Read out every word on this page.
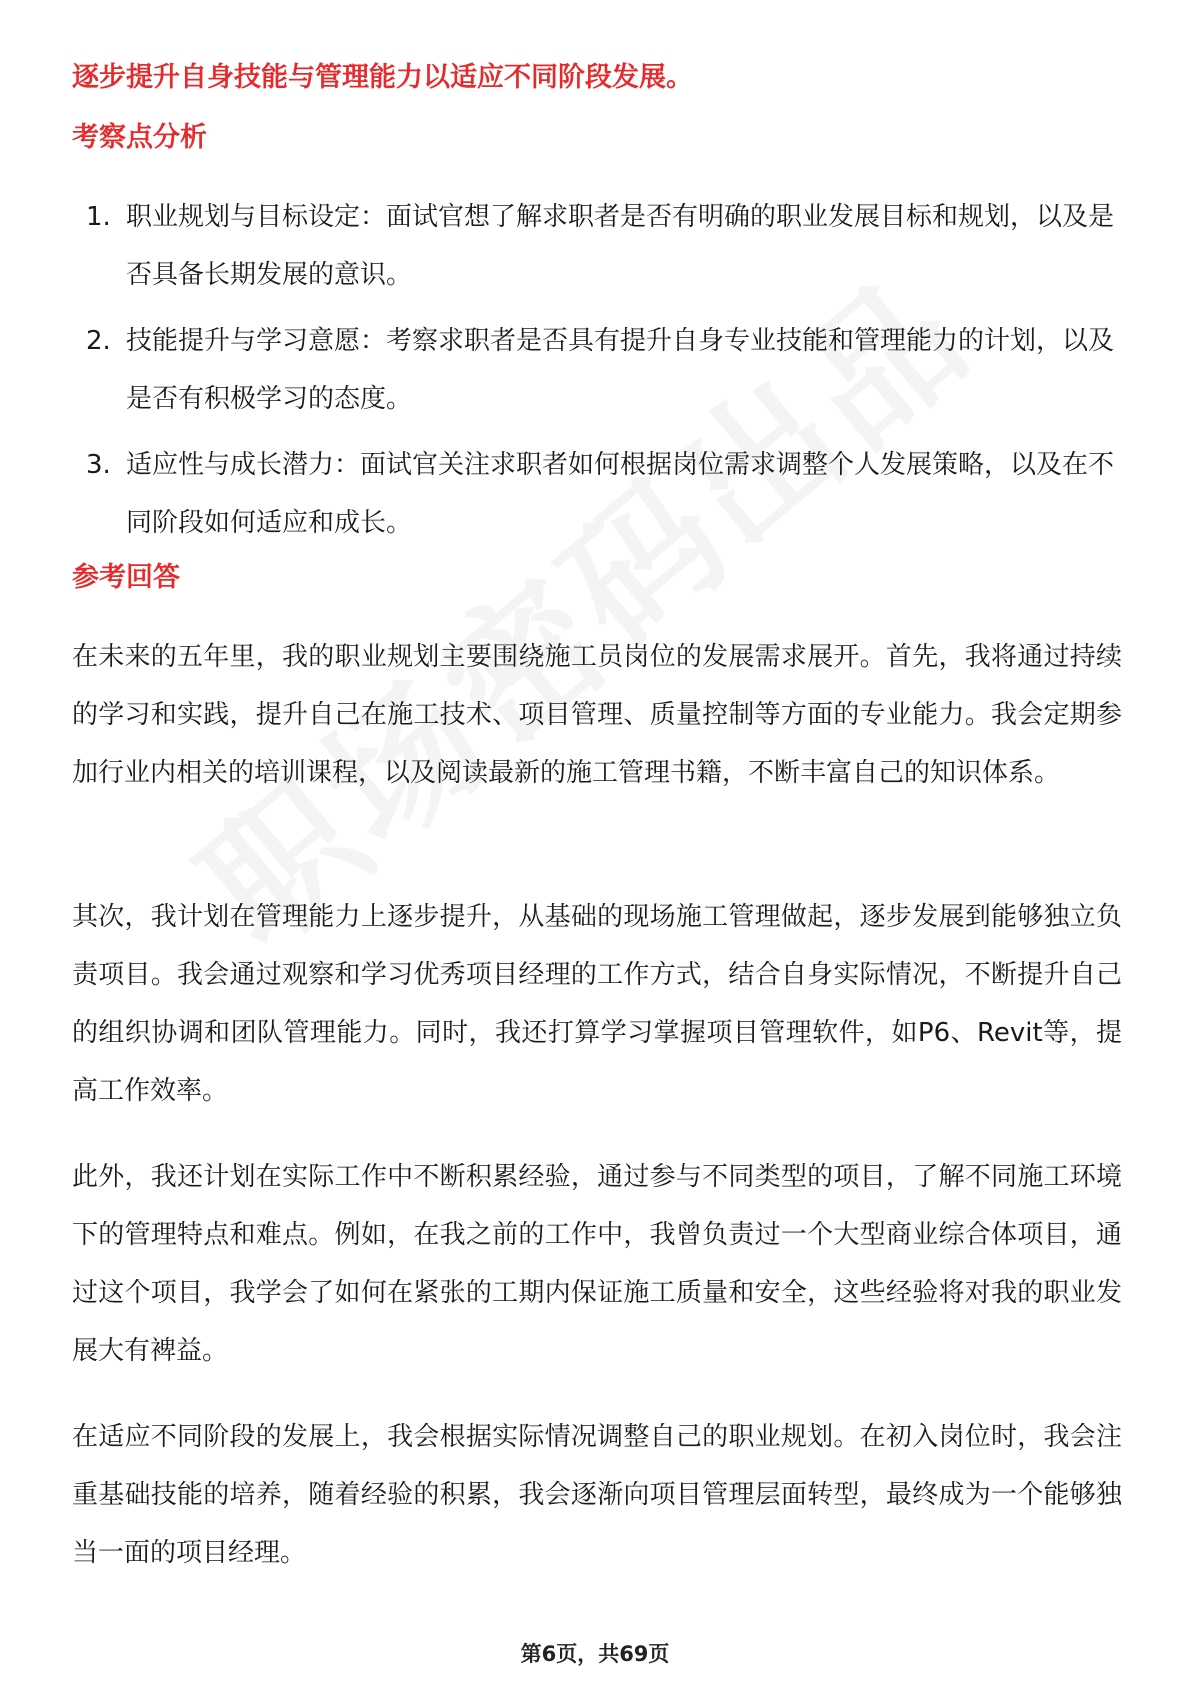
逐步提升自身技能与管理能力以适应不同阶段发展。
考察点分析
1. 职业规划与目标设定：面试官想了解求职者是否有明确的职业发展目标和规划，以及是否具备长期发展的意识。
2. 技能提升与学习意愿：考察求职者是否具有提升自身专业技能和管理能力的计划，以及是否有积极学习的态度。
3. 适应性与成长潜力：面试官关注求职者如何根据岗位需求调整个人发展策略，以及在不同阶段如何适应和成长。
参考回答

在未来的五年里，我的职业规划主要围绕施工员岗位的发展需求展开。首先，我将通过持续的学习和实践，提升自己在施工技术、项目管理、质量控制等方面的专业能力。我会定期参加行业内相关的培训课程，以及阅读最新的施工管理书籍，不断丰富自己的知识体系。

其次，我计划在管理能力上逐步提升，从基础的现场施工管理做起，逐步发展到能够独立负责项目。我会通过观察和学习优秀项目经理的工作方式，结合自身实际情况，不断提升自己的组织协调和团队管理能力。同时，我还打算学习掌握项目管理软件，如P6、Revit等，提高工作效率。

此外，我还计划在实际工作中不断积累经验，通过参与不同类型的项目，了解不同施工环境下的管理特点和难点。例如，在我之前的工作中，我曾负责过一个大型商业综合体项目，通过这个项目，我学会了如何在紧张的工期内保证施工质量和安全，这些经验将对我的职业发展大有裨益。

在适应不同阶段的发展上，我会根据实际情况调整自己的职业规划。在初入岗位时，我会注重基础技能的培养，随着经验的积累，我会逐渐向项目管理层面转型，最终成为一个能够独当一面的项目经理。

第6页，共69页
